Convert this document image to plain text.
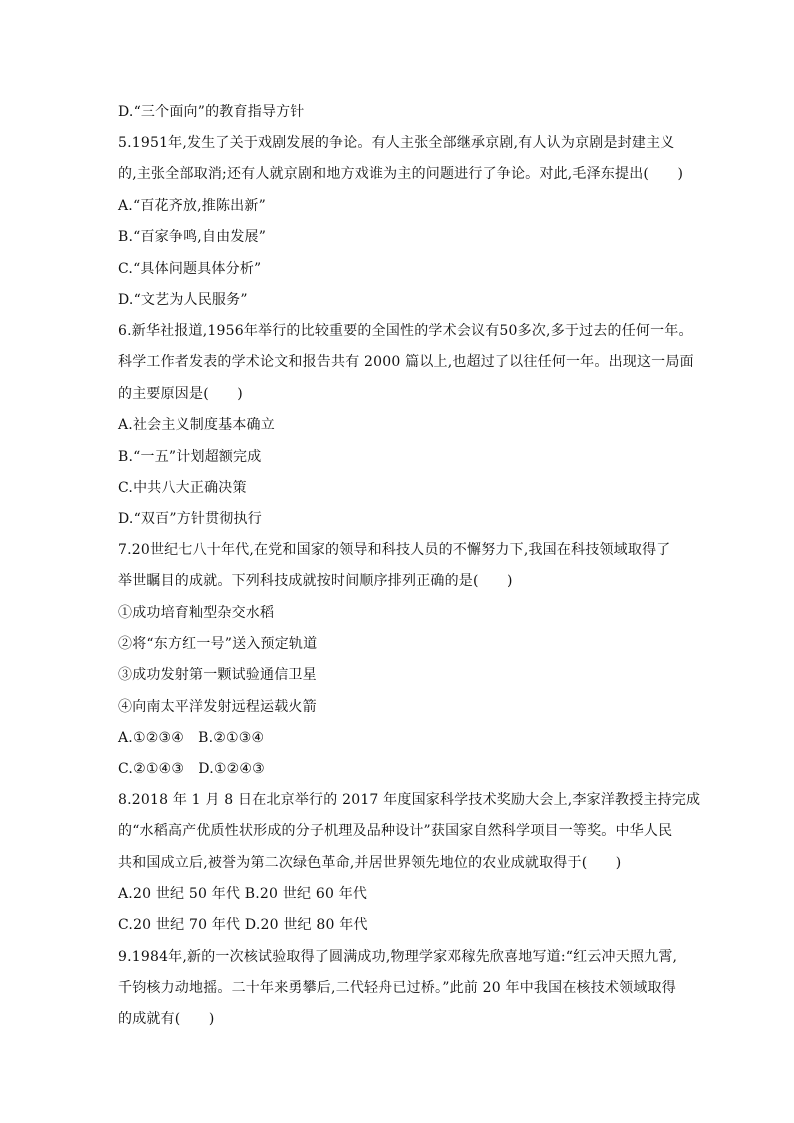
D.“三个面向”的教育指导方针
5.1951年,发生了关于戏剧发展的争论。有人主张全部继承京剧,有人认为京剧是封建主义
的,主张全部取消;还有人就京剧和地方戏谁为主的问题进行了争论。对此,毛泽东提出(　　)
A.“百花齐放,推陈出新”
B.“百家争鸣,自由发展”
C.“具体问题具体分析”
D.“文艺为人民服务”
6.新华社报道,1956年举行的比较重要的全国性的学术会议有50多次,多于过去的任何一年。
科学工作者发表的学术论文和报告共有 2000 篇以上,也超过了以往任何一年。出现这一局面
的主要原因是(　　)
A.社会主义制度基本确立
B.“一五”计划超额完成
C.中共八大正确决策
D.“双百”方针贯彻执行
7.20世纪七八十年代,在党和国家的领导和科技人员的不懈努力下,我国在科技领域取得了
举世瞩目的成就。下列科技成就按时间顺序排列正确的是(　　)
①成功培育籼型杂交水稻
②将“东方红一号”送入预定轨道
③成功发射第一颗试验通信卫星
④向南太平洋发射远程运载火箭
A.①②③④　B.②①③④
C.②①④③　D.①②④③
8.2018 年 1 月 8 日在北京举行的 2017 年度国家科学技术奖励大会上,李家洋教授主持完成
的“水稻高产优质性状形成的分子机理及品种设计”获国家自然科学项目一等奖。中华人民
共和国成立后,被誉为第二次绿色革命,并居世界领先地位的农业成就取得于(　　)
A.20 世纪 50 年代 B.20 世纪 60 年代
C.20 世纪 70 年代 D.20 世纪 80 年代
9.1984年,新的一次核试验取得了圆满成功,物理学家邓稼先欣喜地写道:“红云冲天照九霄,
千钧核力动地摇。二十年来勇攀后,二代轻舟已过桥。”此前 20 年中我国在核技术领域取得
的成就有(　　)
